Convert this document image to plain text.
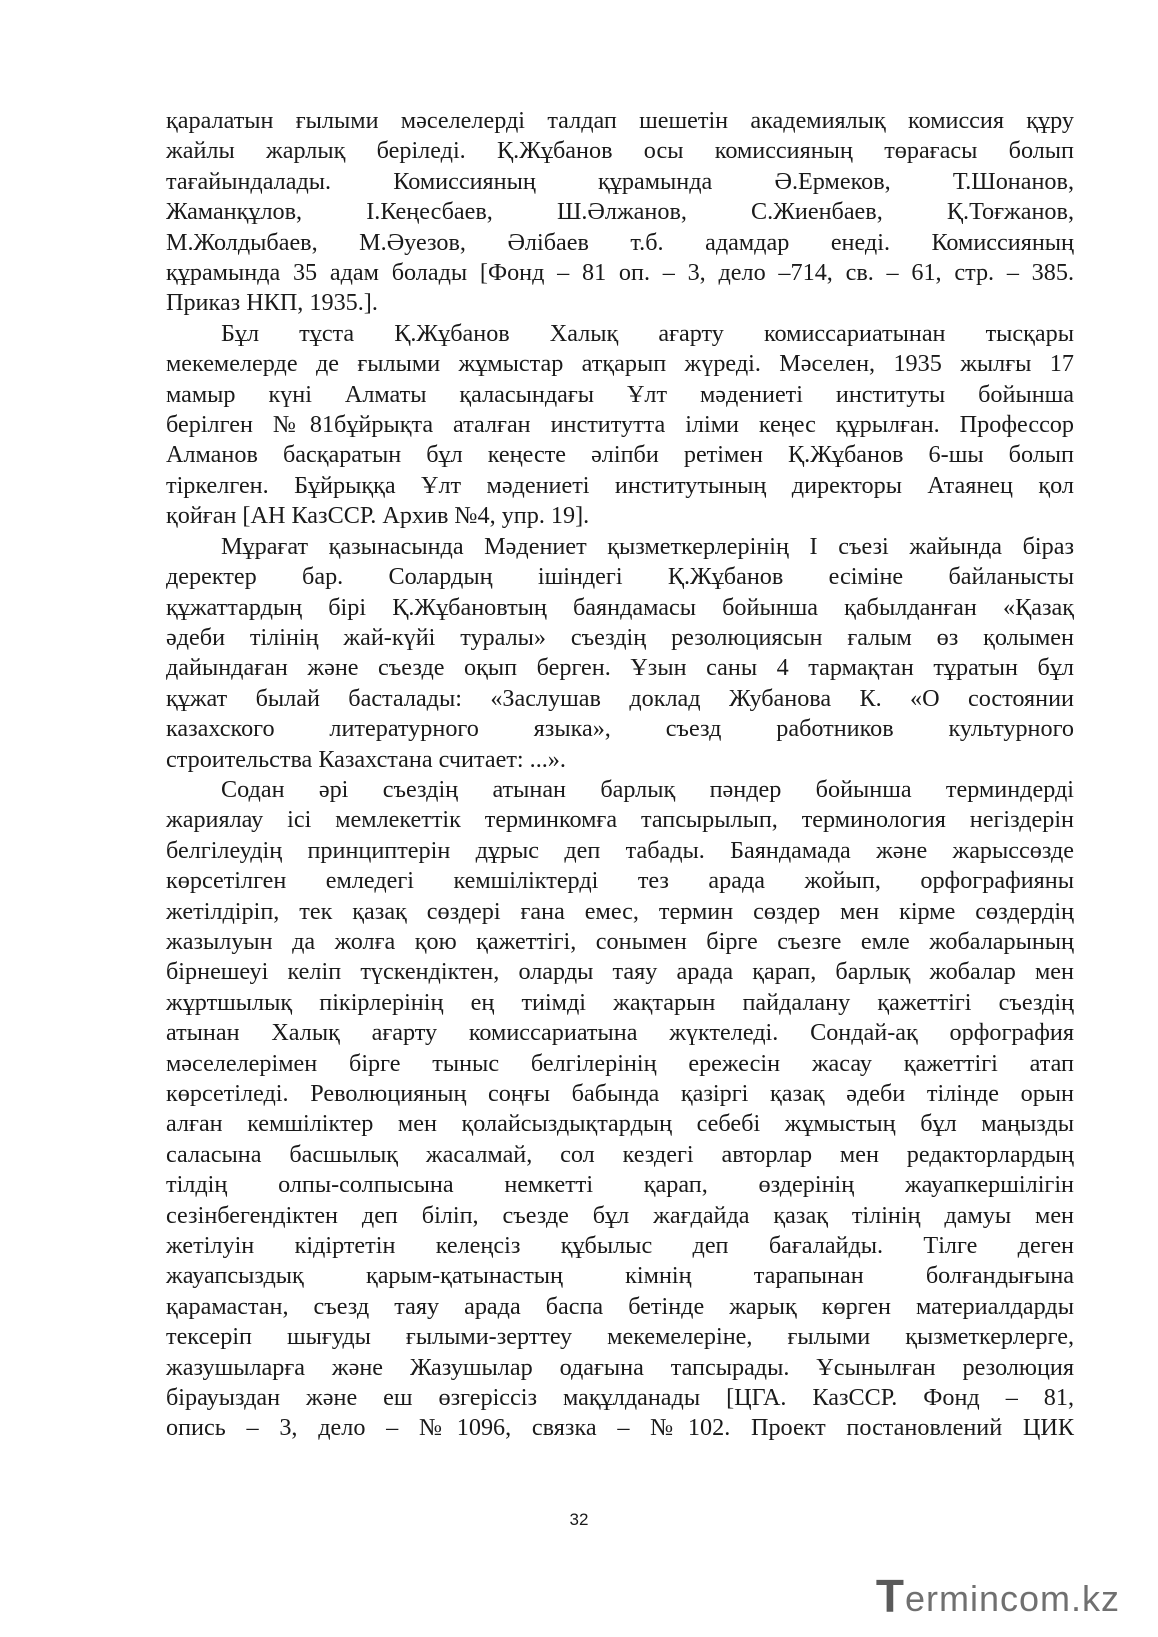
қаралатын ғылыми мәселелерді талдап шешетін академиялық комиссия құру
жайлы жарлық беріледі. Қ.Жұбанов осы комиссияның төрағасы болып
тағайындалады. Комиссияның құрамында Ә.Ермеков, Т.Шонанов,
Жаманқұлов, І.Кеңесбаев, Ш.Әлжанов, С.Жиенбаев, Қ.Тоғжанов,
М.Жолдыбаев, М.Әуезов, Әлібаев т.б. адамдар енеді. Комиссияның
құрамында 35 адам болады [Фонд – 81 оп. – 3, дело –714, св. – 61, стр. – 385.
Приказ НКП, 1935.].
Бұл тұста Қ.Жұбанов Халық ағарту комиссариатынан тысқары
мекемелерде де ғылыми жұмыстар атқарып жүреді. Мәселен, 1935 жылғы 17
мамыр күні Алматы қаласындағы Ұлт мәдениеті институты бойынша
берілген №81бұйрықта аталған институтта іліми кеңес құрылған. Профессор
Алманов басқаратын бұл кеңесте әліпби ретімен Қ.Жұбанов 6-шы болып
тіркелген. Бұйрыққа Ұлт мәдениеті институтының директоры Атаянец қол
қойған [АН КазССР. Архив №4, упр. 19].
Мұрағат қазынасында Мәдениет қызметкерлерінің І съезі жайында біраз
деректер бар. Солардың ішіндегі Қ.Жұбанов есіміне байланысты
құжаттардың бірі Қ.Жұбановтың баяндамасы бойынша қабылданған «Қазақ
әдеби тілінің жай-күйі туралы» съездің резолюциясын ғалым өз қолымен
дайындаған және съезде оқып берген. Ұзын саны 4 тармақтан тұратын бұл
құжат былай басталады: «Заслушав доклад Жубанова К. «О состоянии
казахского литературного языка», съезд работников культурного
строительства Казахстана считает: ...».
Содан әрі съездің атынан барлық пәндер бойынша терминдерді
жариялау ісі мемлекеттік терминкомға тапсырылып, терминология негіздерін
белгілеудің принциптерін дұрыс деп табады. Баяндамада және жарыссөзде
көрсетілген емледегі кемшіліктерді тез арада жойып, орфографияны
жетілдіріп, тек қазақ сөздері ғана емес, термин сөздер мен кірме сөздердің
жазылуын да жолға қою қажеттігі, сонымен бірге съезге емле жобаларының
бірнешеуі келіп түскендіктен, оларды таяу арада қарап, барлық жобалар мен
жұртшылық пікірлерінің ең тиімді жақтарын пайдалану қажеттігі съездің
атынан Халық ағарту комиссариатына жүктеледі. Сондай-ақ орфография
мәселелерімен бірге тыныс белгілерінің ережесін жасау қажеттігі атап
көрсетіледі. Революцияның соңғы бабында қазіргі қазақ әдеби тілінде орын
алған кемшіліктер мен қолайсыздықтардың себебі жұмыстың бұл маңызды
саласына басшылық жасалмай, сол кездегі авторлар мен редакторлардың
тілдің олпы-солпысына немкетті қарап, өздерінің жауапкершілігін
сезінбегендіктен деп біліп, съезде бұл жағдайда қазақ тілінің дамуы мен
жетілуін кідіртетін келеңсіз құбылыс деп бағалайды. Тілге деген
жауапсыздық қарым-қатынастың кімнің тарапынан болғандығына
қарамастан, съезд таяу арада баспа бетінде жарық көрген материалдарды
тексеріп шығуды ғылыми-зерттеу мекемелеріне, ғылыми қызметкерлерге,
жазушыларға және Жазушылар одағына тапсырады. Ұсынылған резолюция
бірауыздан және еш өзгеріссіз мақұлданады [ЦГА. КазССР. Фонд – 81,
опись – 3, дело – №1096, связка – №102. Проект постановлений ЦИК
32
T ermincom.kz
